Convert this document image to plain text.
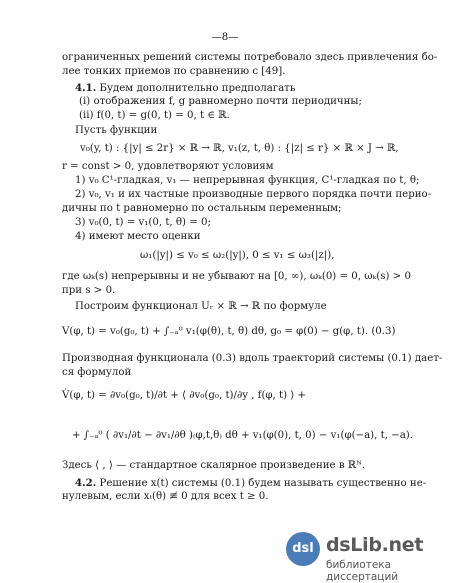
—8—
ограниченных решений системы потребовало здесь привлечения бо-
лее тонких приемов по сравнению с [49].
4.1. Будем дополнительно предполагать
(i) отображения f, g равномерно почти периодичны;
(ii) f(0, t) = g(0, t) = 0, t ∈ ℝ.
Пусть функции
v₀(y, t) : {|y| ≤ 2r} × ℝ → ℝ, v₁(z, t, θ) : {|z| ≤ r} × ℝ × J → ℝ,
r = const > 0, удовлетворяют условиям
1) v₀ C¹-гладкая, v₁ — непрерывная функция, C¹-гладкая по t, θ;
2) v₀, v₁ и их частные производные первого порядка почти перио-
дичны по t равномерно по остальным переменным;
3) v₀(0, t) = v₁(0, t, θ) = 0;
4) имеют место оценки
ω₁(|y|) ≤ v₀ ≤ ω₂(|y|), 0 ≤ v₁ ≤ ω₃(|z|),
где ωₖ(s) непрерывны и не убывают на [0, ∞), ωₖ(0) = 0, ωₖ(s) > 0
при s > 0.
Построим функционал Uᵣ × ℝ → ℝ по формуле
V(φ, t) = v₀(g₀, t) + ∫₋ₐ⁰ v₁(φ(θ), t, θ) dθ, g₀ = φ(0) − g(φ, t). (0.3)
Производная функционала (0.3) вдоль траекторий системы (0.1) дает-
ся формулой
V̇(φ, t) = ∂v₀(g₀, t)/∂t + ⟨ ∂v₀(g₀, t)/∂y , f(φ, t) ⟩ +
+ ∫₋ₐ⁰ ( ∂v₁/∂t − ∂v₁/∂θ )₍φ,t,θ₎ dθ + v₁(φ(0), t, 0) − v₁(φ(−a), t, −a).
Здесь ⟨ , ⟩ — стандартное скалярное произведение в ℝᴺ.
4.2. Решение x(t) системы (0.1) будем называть существенно не-
нулевым, если xₜ(θ) ≢ 0 для всех t ≥ 0.
dsl dsLib.net
библиотека диссертаций
